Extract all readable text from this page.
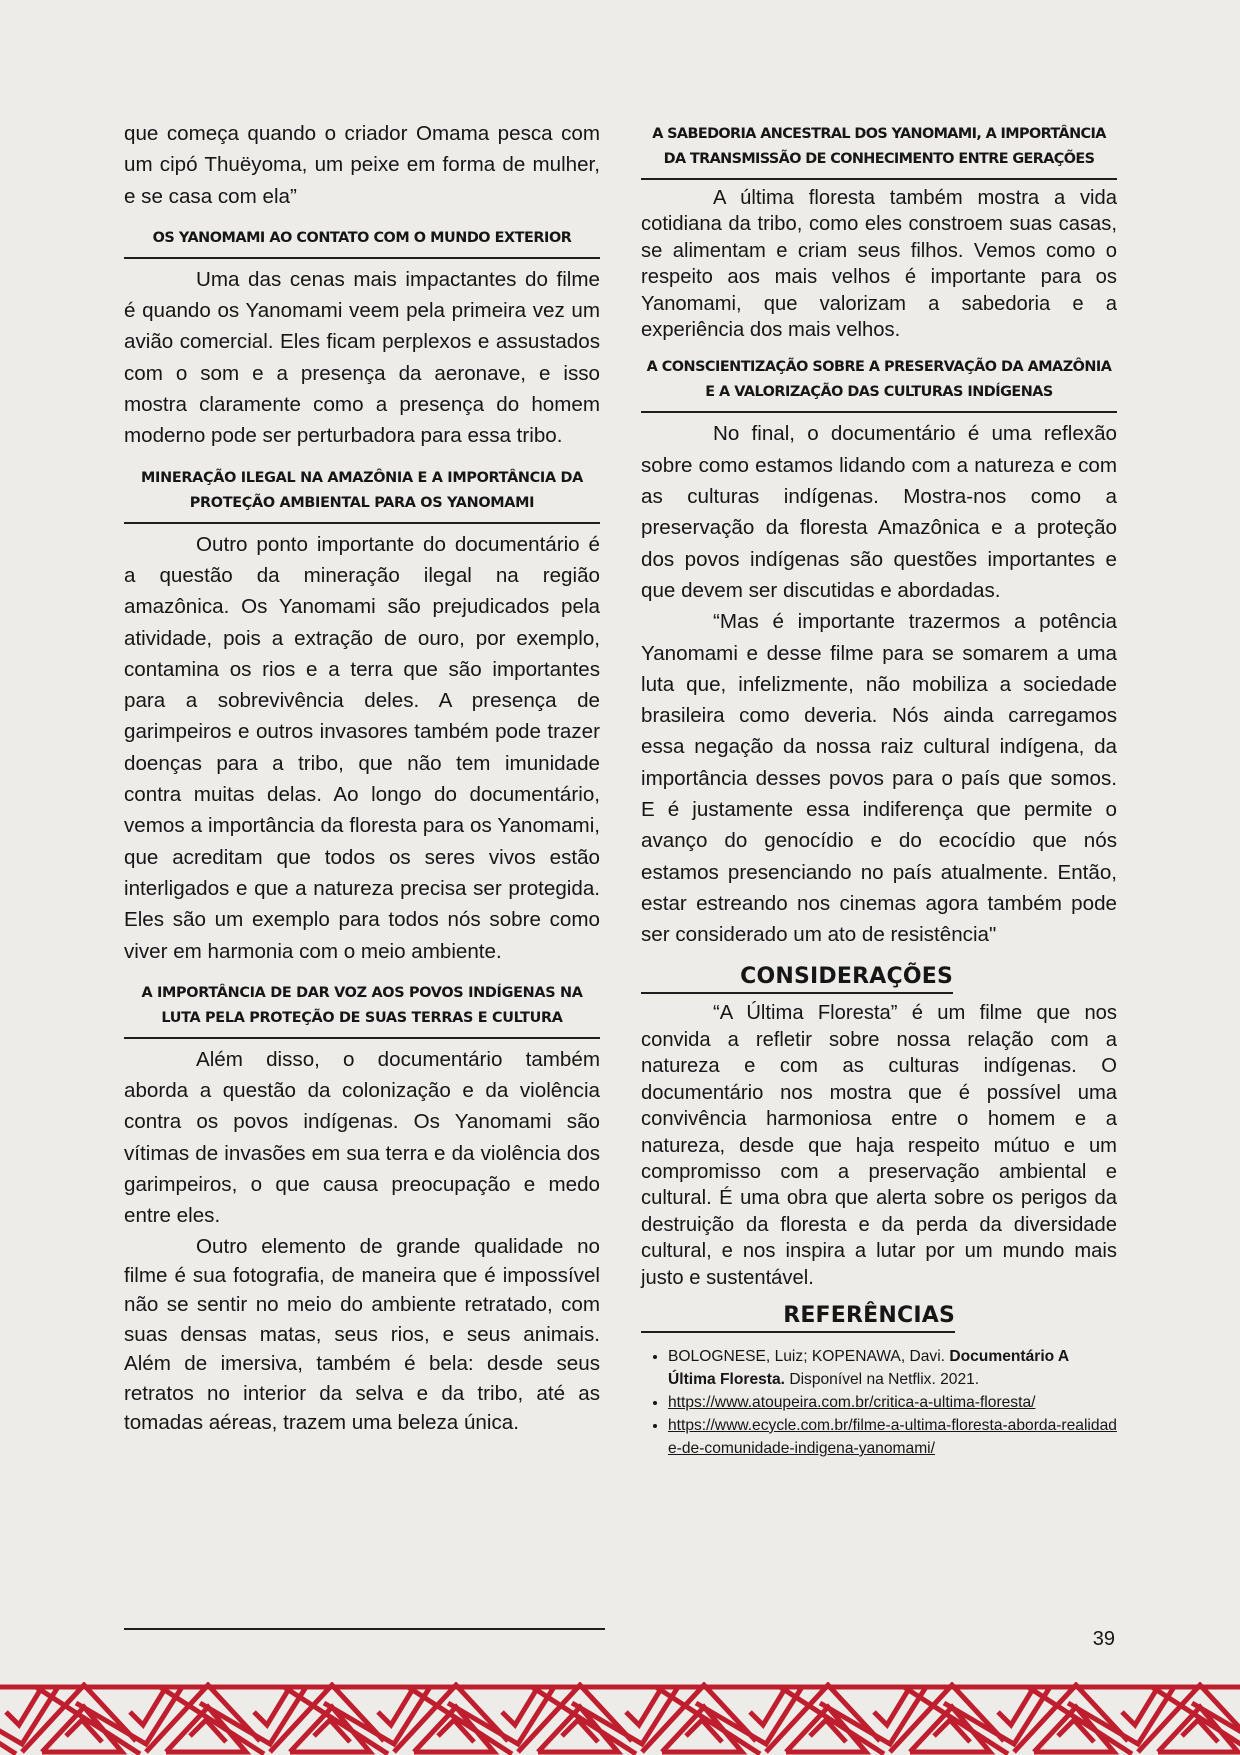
que começa quando o criador Omama pesca com um cipó Thuëyoma, um peixe em forma de mulher, e se casa com ela”

OS YANOMAMI AO CONTATO COM O MUNDO EXTERIOR

Uma das cenas mais impactantes do filme é quando os Yanomami veem pela primeira vez um avião comercial. Eles ficam perplexos e assustados com o som e a presença da aeronave, e isso mostra claramente como a presença do homem moderno pode ser perturbadora para essa tribo.

MINERAÇÃO ILEGAL NA AMAZÔNIA E A IMPORTÂNCIA DA PROTEÇÃO AMBIENTAL PARA OS YANOMAMI

Outro ponto importante do documentário é a questão da mineração ilegal na região amazônica. Os Yanomami são prejudicados pela atividade, pois a extração de ouro, por exemplo, contamina os rios e a terra que são importantes para a sobrevivência deles. A presença de garimpeiros e outros invasores também pode trazer doenças para a tribo, que não tem imunidade contra muitas delas. Ao longo do documentário, vemos a importância da floresta para os Yanomami, que acreditam que todos os seres vivos estão interligados e que a natureza precisa ser protegida. Eles são um exemplo para todos nós sobre como viver em harmonia com o meio ambiente.

A IMPORTÂNCIA DE DAR VOZ AOS POVOS INDÍGENAS NA LUTA PELA PROTEÇÃO DE SUAS TERRAS E CULTURA

Além disso, o documentário também aborda a questão da colonização e da violência contra os povos indígenas. Os Yanomami são vítimas de invasões em sua terra e da violência dos garimpeiros, o que causa preocupação e medo entre eles.

Outro elemento de grande qualidade no filme é sua fotografia, de maneira que é impossível não se sentir no meio do ambiente retratado, com suas densas matas, seus rios, e seus animais. Além de imersiva, também é bela: desde seus retratos no interior da selva e da tribo, até as tomadas aéreas, trazem uma beleza única.

A SABEDORIA ANCESTRAL DOS YANOMAMI, A IMPORTÂNCIA DA TRANSMISSÃO DE CONHECIMENTO ENTRE GERAÇÕES

A última floresta também mostra a vida cotidiana da tribo, como eles constroem suas casas, se alimentam e criam seus filhos. Vemos como o respeito aos mais velhos é importante para os Yanomami, que valorizam a sabedoria e a experiência dos mais velhos.

A CONSCIENTIZAÇÃO SOBRE A PRESERVAÇÃO DA AMAZÔNIA E A VALORIZAÇÃO DAS CULTURAS INDÍGENAS

No final, o documentário é uma reflexão sobre como estamos lidando com a natureza e com as culturas indígenas. Mostra-nos como a preservação da floresta Amazônica e a proteção dos povos indígenas são questões importantes e que devem ser discutidas e abordadas.

“Mas é importante trazermos a potência Yanomami e desse filme para se somarem a uma luta que, infelizmente, não mobiliza a sociedade brasileira como deveria. Nós ainda carregamos essa negação da nossa raiz cultural indígena, da importância desses povos para o país que somos. E é justamente essa indiferença que permite o avanço do genocídio e do ecocídio que nós estamos presenciando no país atualmente. Então, estar estreando nos cinemas agora também pode ser considerado um ato de resistência"

CONSIDERAÇÕES

“A Última Floresta” é um filme que nos convida a refletir sobre nossa relação com a natureza e com as culturas indígenas. O documentário nos mostra que é possível uma convivência harmoniosa entre o homem e a natureza, desde que haja respeito mútuo e um compromisso com a preservação ambiental e cultural. É uma obra que alerta sobre os perigos da destruição da floresta e da perda da diversidade cultural, e nos inspira a lutar por um mundo mais justo e sustentável.

REFERÊNCIAS
• BOLOGNESE, Luiz; KOPENAWA, Davi. Documentário A Última Floresta. Disponível na Netflix. 2021.
• https://www.atoupeira.com.br/critica-a-ultima-floresta/
• https://www.ecycle.com.br/filme-a-ultima-floresta-aborda-realidade-de-comunidade-indigena-yanomami/
39
